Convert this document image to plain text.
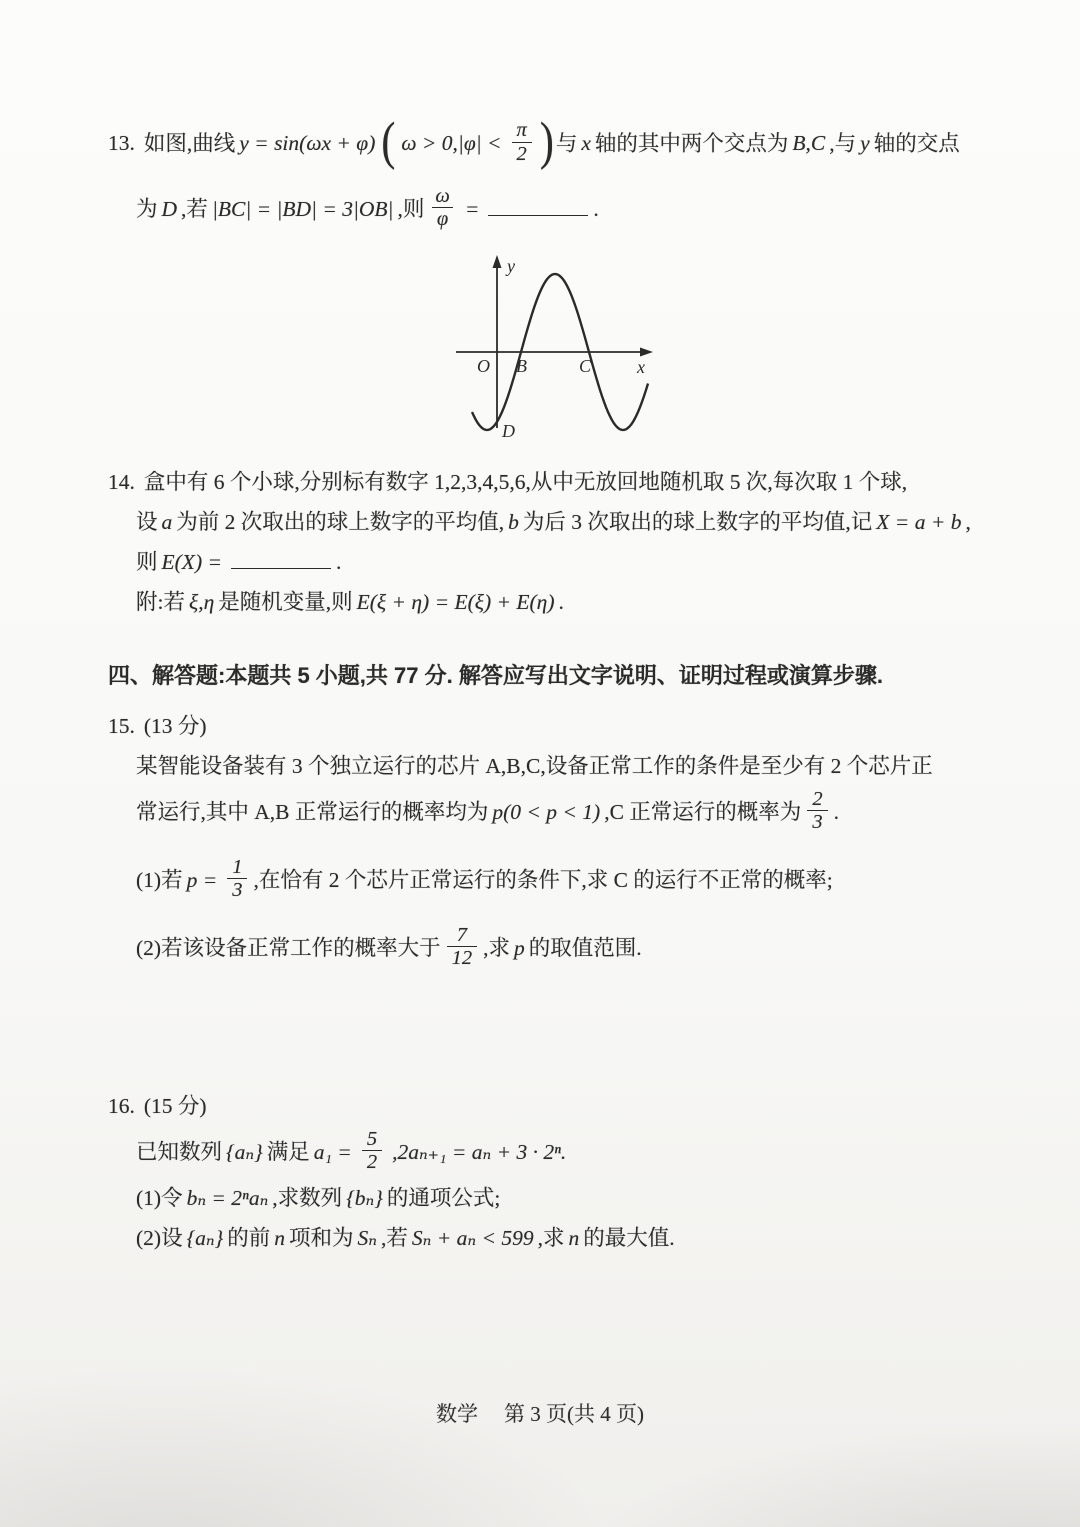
13. 如图,曲线 y = sin(ωx + φ) ( $\omega > 0,|\varphi| < \frac{\pi}{2}$ )与 x 轴的其中两个交点为 B,C ,与 y 轴的交点
为 D ,若 |BC| = |BD| = 3|OB| ,则 $\frac{\omega}{\varphi}$ =	.
y
x
O B	C
D
14. 盒中有 6 个小球,分别标有数字 1,2,3,4,5,6,从中无放回地随机取 5 次,每次取 1 个球,
设 a 为前 2 次取出的球上数字的平均值, b 为后 3 次取出的球上数字的平均值,记 X = a + b ,
则 E(X) =	.
附:若 ξ,η 是随机变量,则 E(ξ + η) = E(ξ) + E(η) .
四、解答题:本题共 5 小题,共 77 分. 解答应写出文字说明、证明过程或演算步骤.
15. (13 分)
某智能设备装有 3 个独立运行的芯片 A,B,C,设备正常工作的条件是至少有 2 个芯片正
常运行,其中 A,B 正常运行的概率均为 p(0 < p < 1) ,C 正常运行的概率为 $\frac{2}{3}$ .
(1)若 $p = \frac{1}{3}$ ,在恰有 2 个芯片正常运行的条件下,求 C 的运行不正常的概率;
(2)若该设备正常工作的概率大于 $\frac{7}{12}$ ,求 p 的取值范围.
16. (15 分)
已知数列 {aₙ} 满足 $a_1 = \frac{5}{2} ,2a_{n+1} = a_n + 3 \cdot 2^n$.
(1)令 bₙ = 2ⁿaₙ ,求数列 {bₙ} 的通项公式;
(2)设 {aₙ} 的前 n 项和为 Sₙ ,若 Sₙ + aₙ < 599 ,求 n 的最大值.
数学 第 3 页(共 4 页)
